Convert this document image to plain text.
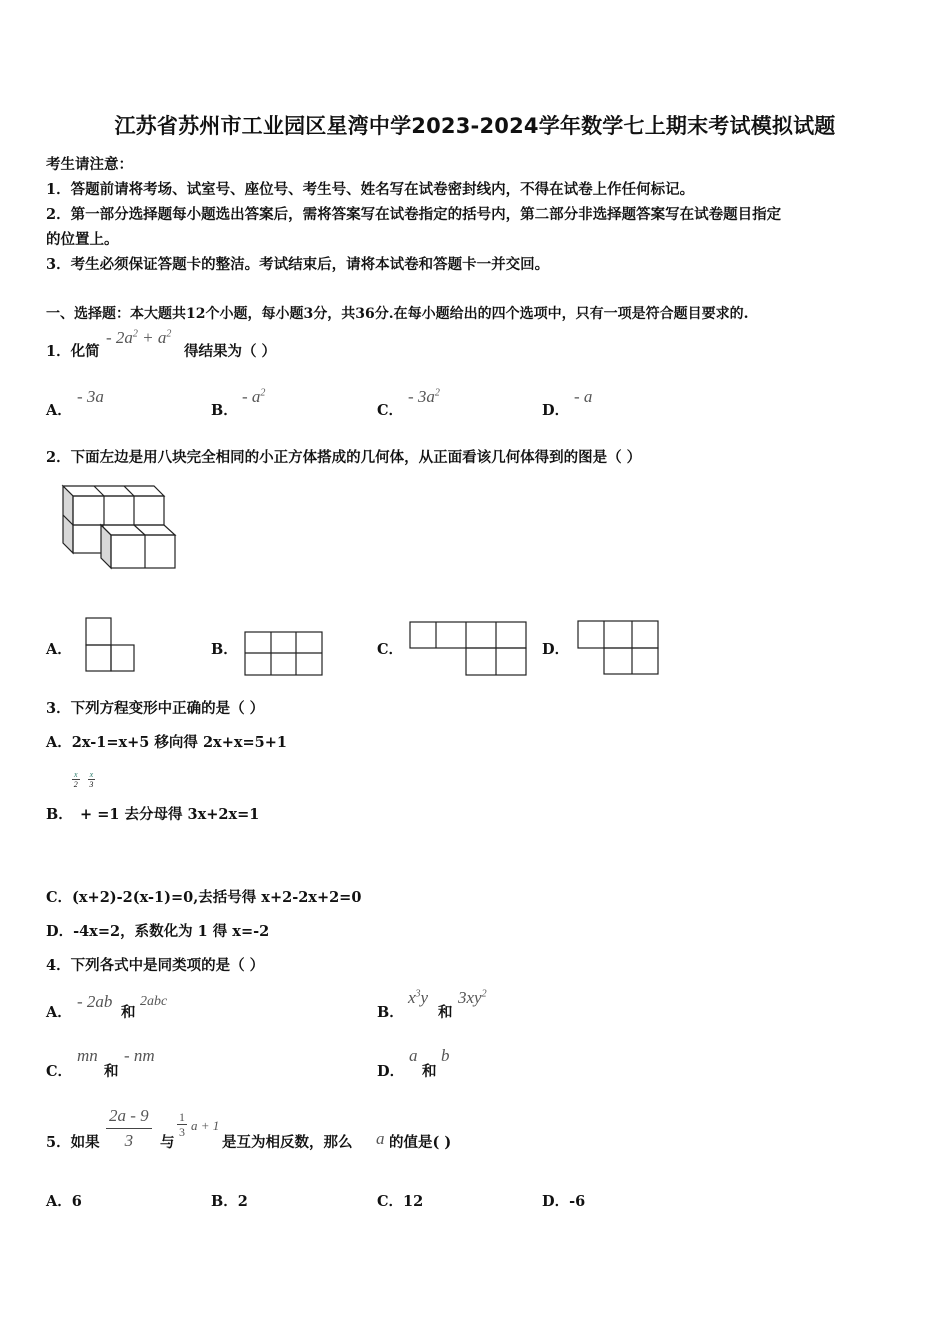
江苏省苏州市工业园区星湾中学2023-2024学年数学七上期末考试模拟试题
考生请注意：
1．答题前请将考场、试室号、座位号、考生号、姓名写在试卷密封线内，不得在试卷上作任何标记。
2．第一部分选择题每小题选出答案后，需将答案写在试卷指定的括号内，第二部分非选择题答案写在试卷题目指定
的位置上。
3．考生必须保证答题卡的整洁。考试结束后，请将本试卷和答题卡一并交回。
一、选择题：本大题共12个小题，每小题3分，共36分.在每小题给出的四个选项中，只有一项是符合题目要求的.
1．化简
- $2a^2 + a^2$
得结果为（ ）
A．
- 3a
B．
- $a^2$
C．
- $3a^2$
D．
- a
2．下面左边是用八块完全相同的小正方体搭成的几何体，从正面看该几何体得到的图是（ ）
A．	B．	C．	D．
3．下列方程变形中正确的是（ ）
A．2x-1=x+5 移向得 2x+x=5+1
$\frac{x}{2}$
$\frac{x}{3}$
B． + =1 去分母得 3x+2x=1
C．(x+2)-2(x-1)=0,去括号得 x+2-2x+2=0
D．-4x=2，系数化为 1 得 x=-2
4．下列各式中是同类项的是（ ）
A．
- 2ab
和
2abc
B．
$x^3y$
和
$3xy^2$
C．
mn
和
- nm
D．
a
和
b
5．如果 $\frac{2a - 9}{3}$ 与
$\frac{1}{3}$ a + 1
是互为相反数，那么 a 的值是( )
A．6	B．2	C．12	D．-6
